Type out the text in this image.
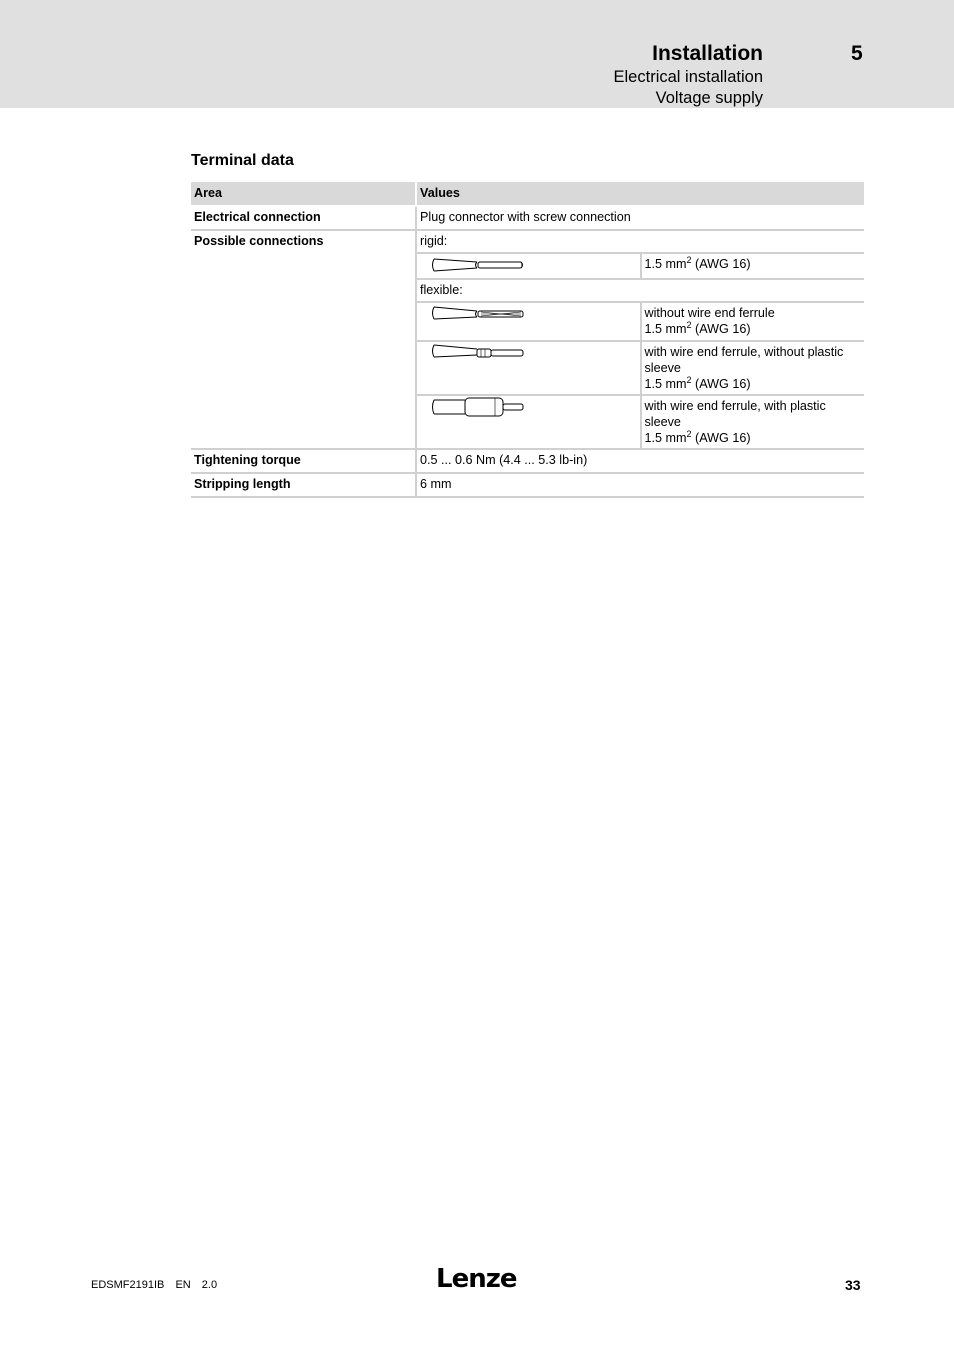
Installation	5
Electrical installation
Voltage supply
Terminal data
Area	Values
Electrical connection	Plug connector with screw connection
Possible connections		rigid:

	1.5 $mm^2$ (AWG 16)
flexible:

without wire end ferrule
1.5 $mm^2$ (AWG 16)

with wire end ferrule, without plastic sleeve
1.5 $mm^2$ (AWG 16)

with wire end ferrule, with plastic sleeve
1.5 $mm^2$ (AWG 16)

Tightening torque	0.5 ... 0.6 Nm (4.4 ... 5.3 lb-in)
Stripping length	6 mm
EDSMF2191IB EN 2.0	Lenze	33
